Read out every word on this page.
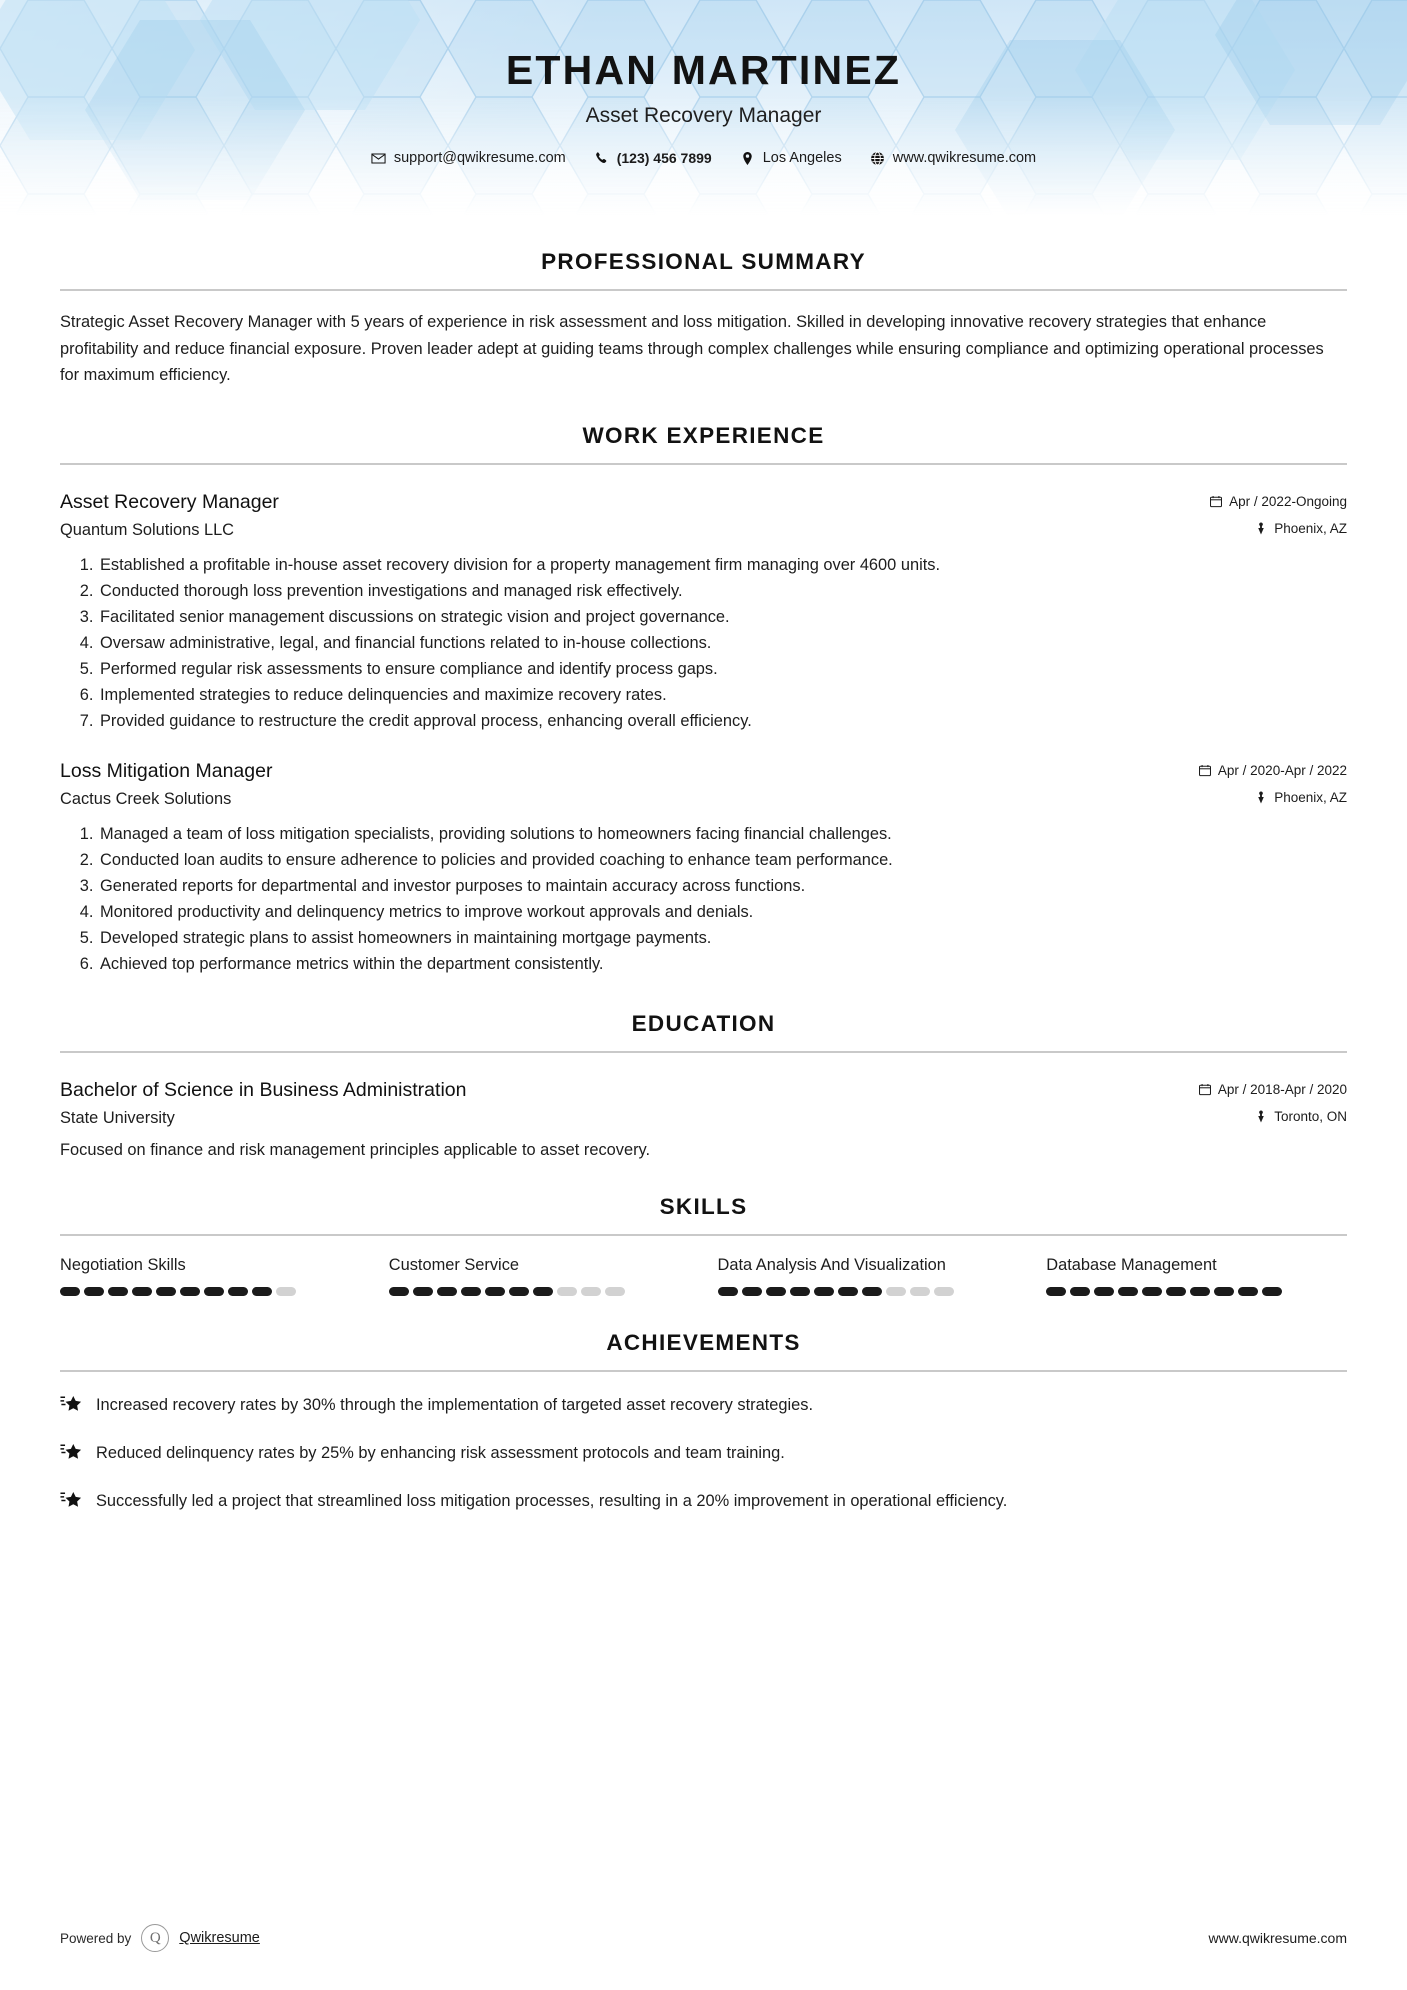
ETHAN MARTINEZ
Asset Recovery Manager
support@qwikresume.com	(123) 456 7899	Los Angeles	www.qwikresume.com
PROFESSIONAL SUMMARY
Strategic Asset Recovery Manager with 5 years of experience in risk assessment and loss mitigation. Skilled in developing innovative recovery strategies that enhance profitability and reduce financial exposure. Proven leader adept at guiding teams through complex challenges while ensuring compliance and optimizing operational processes for maximum efficiency.
WORK EXPERIENCE
Asset Recovery Manager	Apr / 2022-Ongoing
Quantum Solutions LLC	Phoenix, AZ
1. Established a profitable in-house asset recovery division for a property management firm managing over 4600 units.
2. Conducted thorough loss prevention investigations and managed risk effectively.
3. Facilitated senior management discussions on strategic vision and project governance.
4. Oversaw administrative, legal, and financial functions related to in-house collections.
5. Performed regular risk assessments to ensure compliance and identify process gaps.
6. Implemented strategies to reduce delinquencies and maximize recovery rates.
7. Provided guidance to restructure the credit approval process, enhancing overall efficiency.
Loss Mitigation Manager	Apr / 2020-Apr / 2022
Cactus Creek Solutions	Phoenix, AZ
1. Managed a team of loss mitigation specialists, providing solutions to homeowners facing financial challenges.
2. Conducted loan audits to ensure adherence to policies and provided coaching to enhance team performance.
3. Generated reports for departmental and investor purposes to maintain accuracy across functions.
4. Monitored productivity and delinquency metrics to improve workout approvals and denials.
5. Developed strategic plans to assist homeowners in maintaining mortgage payments.
6. Achieved top performance metrics within the department consistently.
EDUCATION
Bachelor of Science in Business Administration	Apr / 2018-Apr / 2020
State University	Toronto, ON
Focused on finance and risk management principles applicable to asset recovery.
SKILLS
Negotiation Skills	Customer Service	Data Analysis And Visualization	Database Management
ACHIEVEMENTS
Increased recovery rates by 30% through the implementation of targeted asset recovery strategies.
Reduced delinquency rates by 25% by enhancing risk assessment protocols and team training.
Successfully led a project that streamlined loss mitigation processes, resulting in a 20% improvement in operational efficiency.
Powered by	Q	Qwikresume	www.qwikresume.com
